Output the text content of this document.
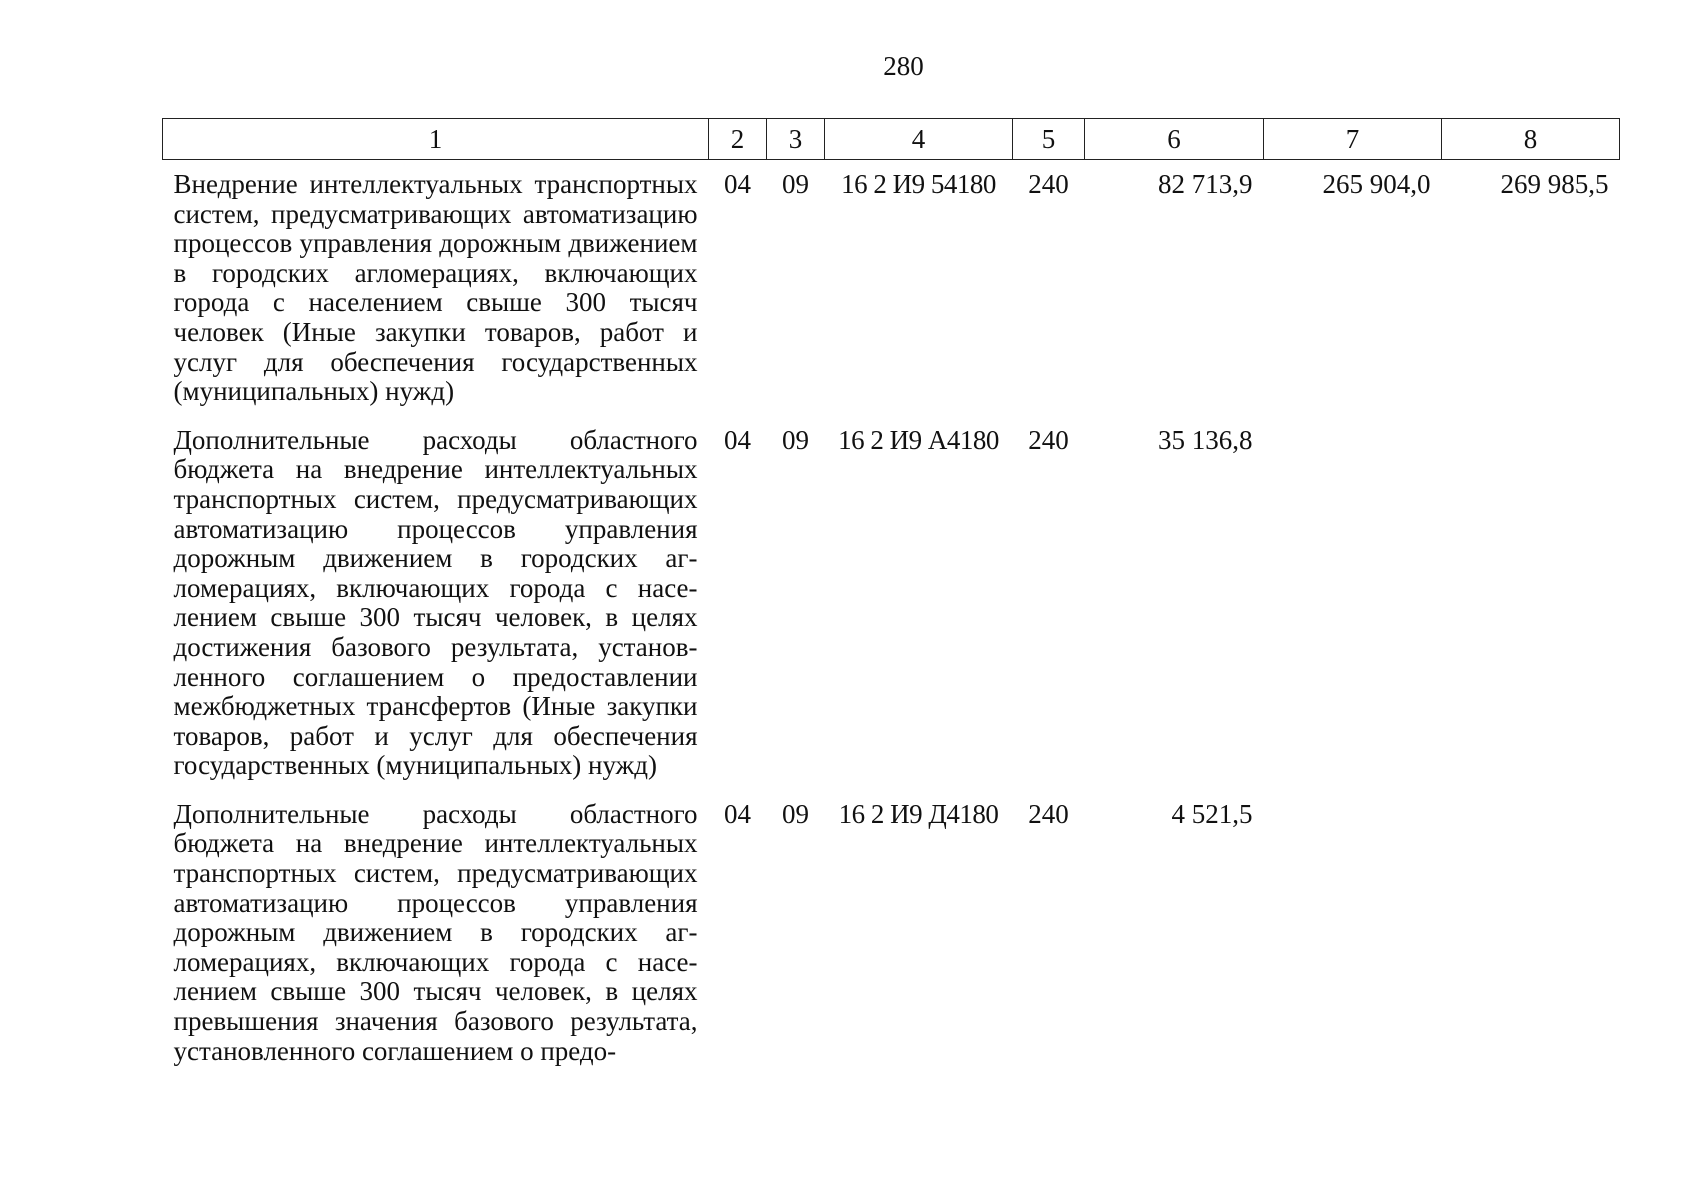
280
1	2	3	4	5	6	7	8
Внедрение интеллектуальных транспортных систем, предусматривающих автоматизацию процессов управления дорожным движением в городских агломерациях, включающих города с населением свыше 300 тысяч человек (Иные закупки товаров, работ и услуг для обеспечения государственных (муниципальных) нужд)	04	09	16 2 И9 54180	240	82 713,9	265 904,0	269 985,5
Дополнительные расходы областного бюджета на внедрение интеллектуальных транспортных систем, предусматривающих автоматизацию процессов управления дорожным движением в городских агломерациях, включающих города с населением свыше 300 тысяч человек, в целях достижения базового результата, установленного соглашением о предоставлении межбюджетных трансфертов (Иные закупки товаров, работ и услуг для обеспечения государственных (муниципальных) нужд)	04	09	16 2 И9 А4180	240	35 136,8		
Дополнительные расходы областного бюджета на внедрение интеллектуальных транспортных систем, предусматривающих автоматизацию процессов управления дорожным движением в городских агломерациях, включающих города с населением свыше 300 тысяч человек, в целях превышения значения базового результата, установленного соглашением о предо-	04	09	16 2 И9 Д4180	240	4 521,5		
